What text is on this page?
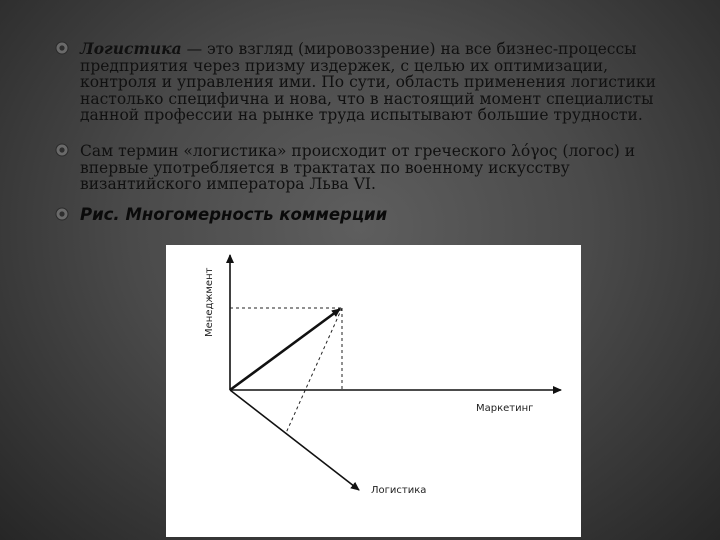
Логистика — это взгляд (мировоззрение) на все бизнес-процессы предприятия через призму издержек, с целью их оптимизации, контроля и управления ими. По сути, область применения логистики настолько специфична и нова, что в настоящий момент специалисты данной профессии на рынке труда испытывают большие трудности.
Сам термин «логистика» происходит от греческого λόγος (логос) и впервые употребляется в трактатах по военному искусству византийского императора Льва VI.
Рис. Многомерность коммерции
Менеджмент
Маркетинг
Логистика
